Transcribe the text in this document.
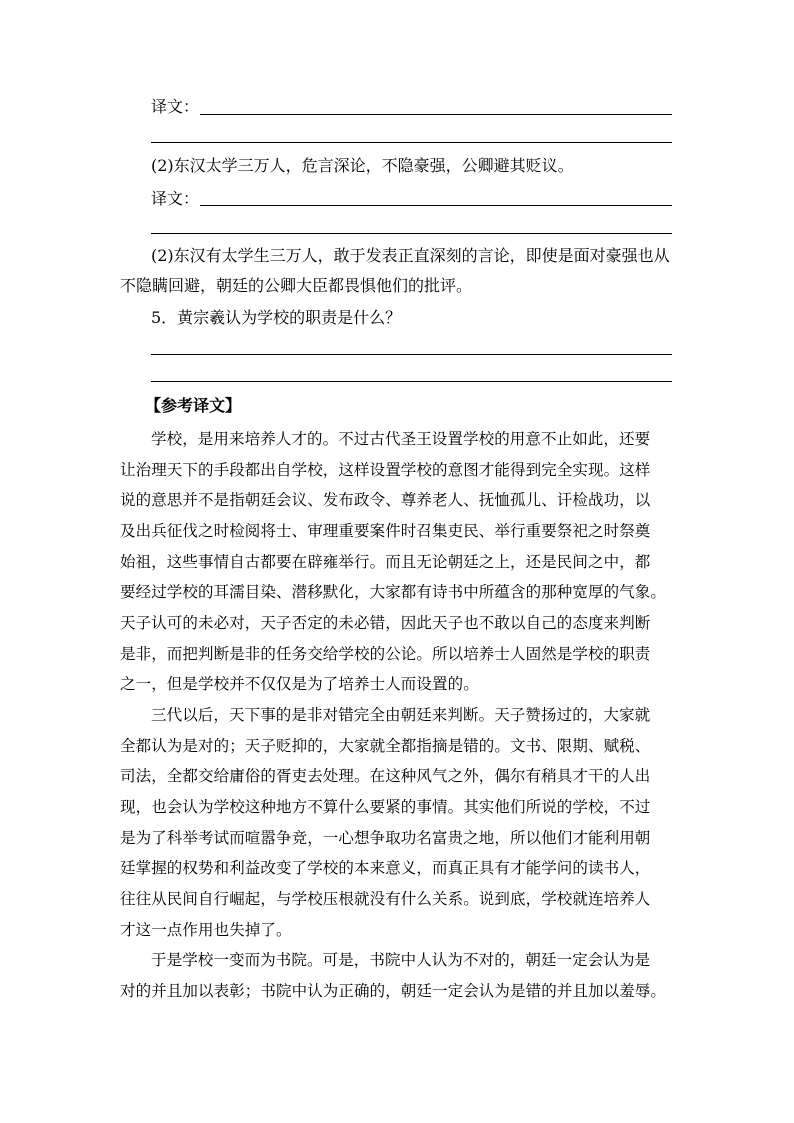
译文：
(2)东汉太学三万人，危言深论，不隐豪强，公卿避其贬议。
译文：
(2)东汉有太学生三万人，敢于发表正直深刻的言论，即使是面对豪强也从
不隐瞒回避，朝廷的公卿大臣都畏惧他们的批评。
5．黄宗羲认为学校的职责是什么？
【参考译文】
学校，是用来培养人才的。不过古代圣王设置学校的用意不止如此，还要
让治理天下的手段都出自学校，这样设置学校的意图才能得到完全实现。这样
说的意思并不是指朝廷会议、发布政令、尊养老人、抚恤孤儿、讦检战功，以
及出兵征伐之时检阅将士、审理重要案件时召集吏民、举行重要祭祀之时祭奠
始祖，这些事情自古都要在辟雍举行。而且无论朝廷之上，还是民间之中，都
要经过学校的耳濡目染、潜移默化，大家都有诗书中所蕴含的那种宽厚的气象。
天子认可的未必对，天子否定的未必错，因此天子也不敢以自己的态度来判断
是非，而把判断是非的任务交给学校的公论。所以培养士人固然是学校的职责
之一，但是学校并不仅仅是为了培养士人而设置的。
三代以后，天下事的是非对错完全由朝廷来判断。天子赞扬过的，大家就
全都认为是对的；天子贬抑的，大家就全都指摘是错的。文书、限期、赋税、
司法，全都交给庸俗的胥吏去处理。在这种风气之外，偶尔有稍具才干的人出
现，也会认为学校这种地方不算什么要紧的事情。其实他们所说的学校，不过
是为了科举考试而喧嚣争竞，一心想争取功名富贵之地，所以他们才能利用朝
廷掌握的权势和利益改变了学校的本来意义，而真正具有才能学问的读书人，
往往从民间自行崛起，与学校压根就没有什么关系。说到底，学校就连培养人
才这一点作用也失掉了。
于是学校一变而为书院。可是，书院中人认为不对的，朝廷一定会认为是
对的并且加以表彰；书院中认为正确的，朝廷一定会认为是错的并且加以羞辱。
